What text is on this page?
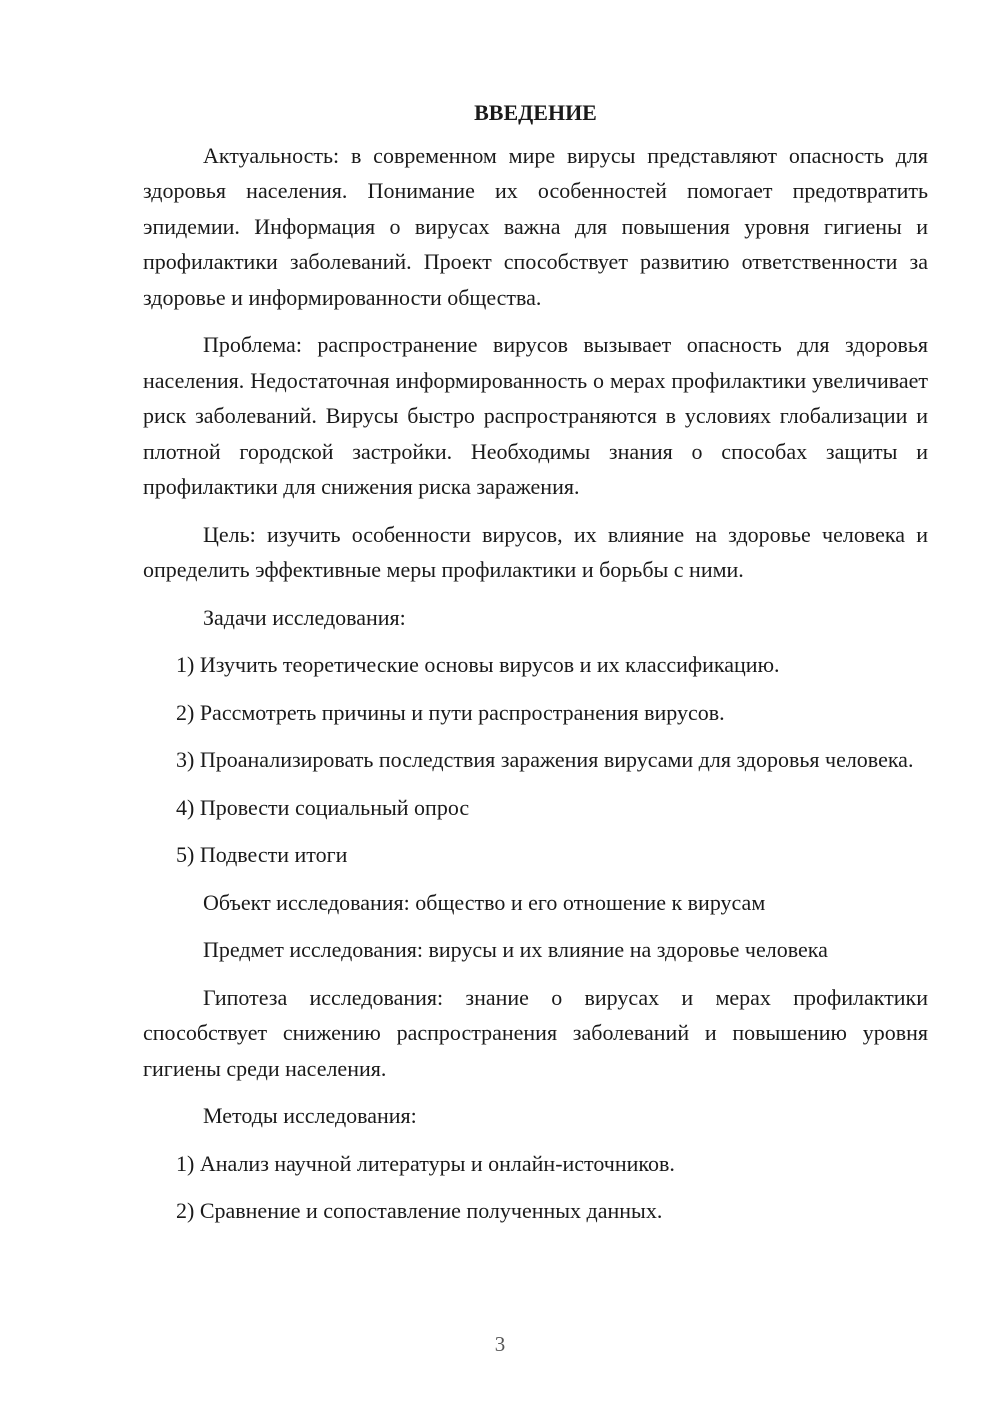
ВВЕДЕНИЕ

Актуальность: в современном мире вирусы представляют опасность для здоровья населения. Понимание их особенностей помогает предотвратить эпидемии. Информация о вирусах важна для повышения уровня гигиены и профилактики заболеваний. Проект способствует развитию ответственности за здоровье и информированности общества.

Проблема: распространение вирусов вызывает опасность для здоровья населения. Недостаточная информированность о мерах профилактики увеличивает риск заболеваний. Вирусы быстро распространяются в условиях глобализации и плотной городской застройки. Необходимы знания о способах защиты и профилактики для снижения риска заражения.

Цель: изучить особенности вирусов, их влияние на здоровье человека и определить эффективные меры профилактики и борьбы с ними.

Задачи исследования:

1) Изучить теоретические основы вирусов и их классификацию.

2) Рассмотреть причины и пути распространения вирусов.

3) Проанализировать последствия заражения вирусами для здоровья человека.

4) Провести социальный опрос

5) Подвести итоги

Объект исследования: общество и его отношение к вирусам

Предмет исследования: вирусы и их влияние на здоровье человека

Гипотеза исследования: знание о вирусах и мерах профилактики способствует снижению распространения заболеваний и повышению уровня гигиены среди населения.

Методы исследования:

1) Анализ научной литературы и онлайн-источников.

2) Сравнение и сопоставление полученных данных.

3
